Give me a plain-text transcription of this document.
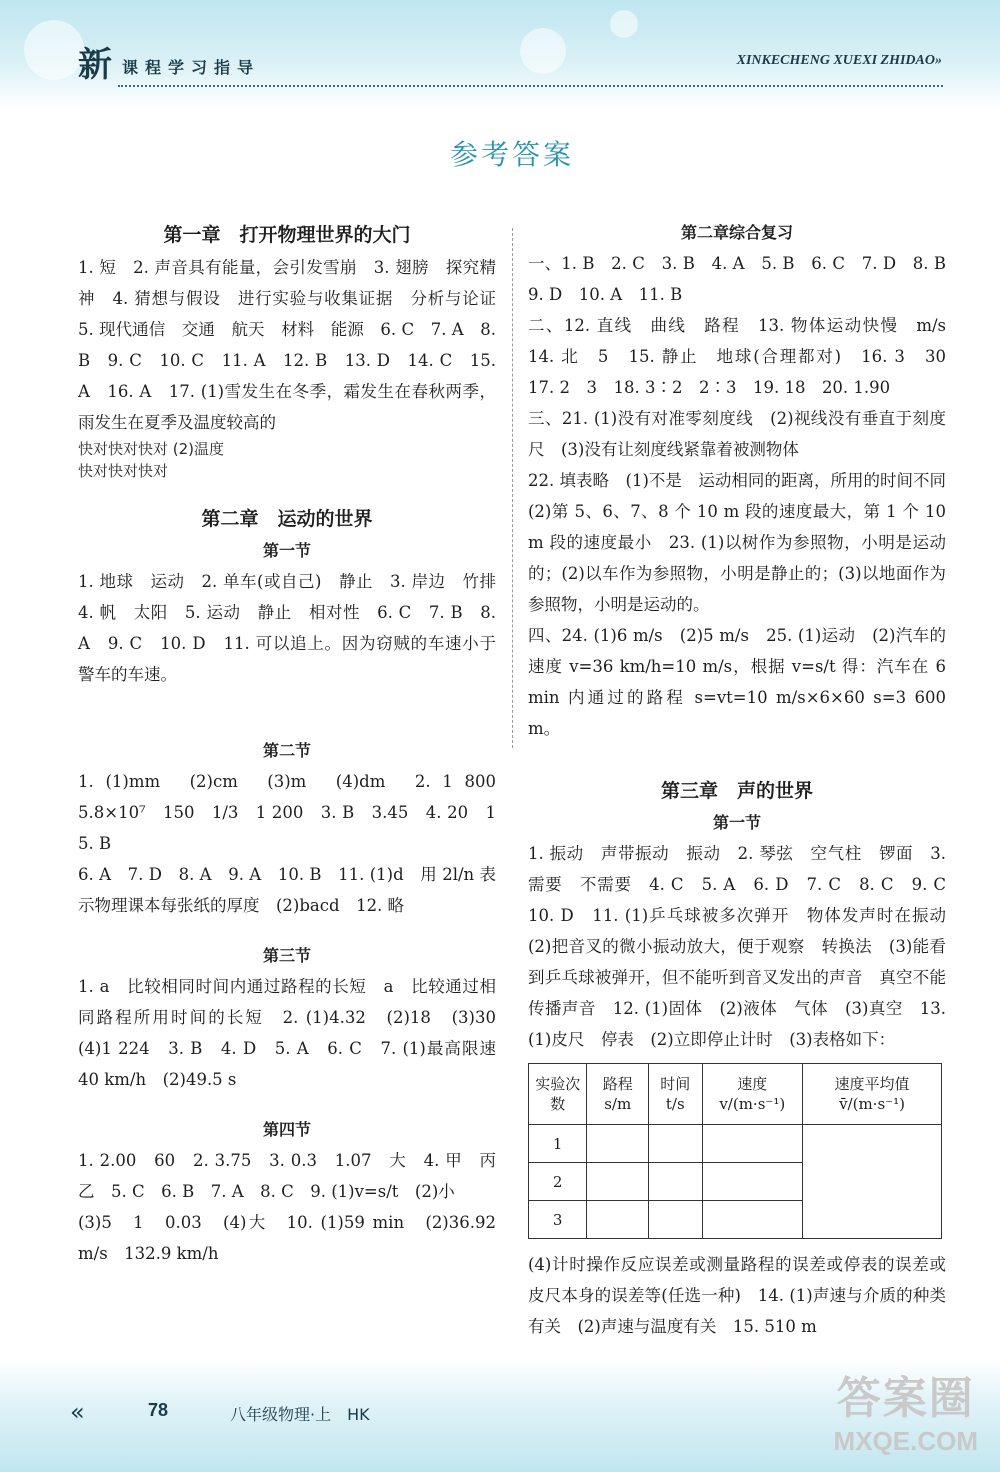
新 课程学习指导	XINKECHENG XUEXI ZHIDAO»
参考答案

第一章　打开物理世界的大门

1. 短　2. 声音具有能量，会引发雪崩　3. 翅膀　探究精神　4. 猜想与假设　进行实验与收集证据　分析与论证　5. 现代通信　交通　航天　材料　能源　6. C　7. A　8. B　9. C　10. C　11. A　12. B　13. D　14. C　15. A　16. A　17. (1)雪发生在冬季，霜发生在春秋两季，雨发生在夏季及温度较高的

快对快对快对 (2)温度

快对快对快对

第二章　运动的世界

第一节

1. 地球　运动　2. 单车(或自己)　静止　3. 岸边　竹排　4. 帆　太阳　5. 运动　静止　相对性　6. C　7. B　8. A　9. C　10. D　11. 可以追上。因为窃贼的车速小于警车的车速。

第二节

1. (1)mm　(2)cm　(3)m　(4)dm　2. 1 800　5.8×10⁷　150　1/3　1 200　3. B　3.45　4. 20　1　5. B

6. A　7. D　8. A　9. A　10. B　11. (1)d　用 2l/n 表示物理课本每张纸的厚度　(2)bacd　12. 略

第三节

1. a　比较相同时间内通过路程的长短　a　比较通过相同路程所用时间的长短　2. (1)4.32　(2)18　(3)30　(4)1 224　3. B　4. D　5. A　6. C　7. (1)最高限速 40 km/h　(2)49.5 s

第四节

1. 2.00　60　2. 3.75　3. 0.3　1.07　大　4. 甲　丙　乙　5. C　6. B　7. A　8. C　9. (1)v=s/t　(2)小

(3)5　1　0.03　(4)大　10. (1)59 min　(2)36.92 m/s　132.9 km/h

第二章综合复习

一、1. B　2. C　3. B　4. A　5. B　6. C　7. D　8. B　9. D　10. A　11. B

二、12. 直线　曲线　路程　13. 物体运动快慢　m/s　14. 北　5　15. 静止　地球(合理都对)　16. 3　30　17. 2　3　18. 3∶2　2∶3　19. 18　20. 1.90

三、21. (1)没有对准零刻度线　(2)视线没有垂直于刻度尺　(3)没有让刻度线紧靠着被测物体

22. 填表略　(1)不是　运动相同的距离，所用的时间不同　(2)第 5、6、7、8 个 10 m 段的速度最大，第 1 个 10 m 段的速度最小　23. (1)以树作为参照物，小明是运动的；(2)以车作为参照物，小明是静止的；(3)以地面作为参照物，小明是运动的。

四、24. (1)6 m/s　(2)5 m/s　25. (1)运动　(2)汽车的速度 v=36 km/h=10 m/s，根据 v=s/t 得：汽车在 6 min 内通过的路程 s=vt=10 m/s×6×60 s=3 600 m。

第三章　声的世界

第一节

1. 振动　声带振动　振动　2. 琴弦　空气柱　锣面　3. 需要　不需要　4. C　5. A　6. D　7. C　8. C　9. C　10. D　11. (1)乒乓球被多次弹开　物体发声时在振动　(2)把音叉的微小振动放大，便于观察　转换法　(3)能看到乒乓球被弹开，但不能听到音叉发出的声音　真空不能传播声音　12. (1)固体　(2)液体　气体　(3)真空　13. (1)皮尺　停表　(2)立即停止计时　(3)表格如下：

实验次数	路程 s/m	时间 t/s	速度 v/(m·s⁻¹)	速度平均值 v̄/(m·s⁻¹)
1				
2				
3				

(4)计时操作反应误差或测量路程的误差或停表的误差或皮尺本身的误差等(任选一种)　14. (1)声速与介质的种类有关　(2)声速与温度有关　15. 510 m

«	78	八年级物理·上　HK	答案圈
MXQE.COM
